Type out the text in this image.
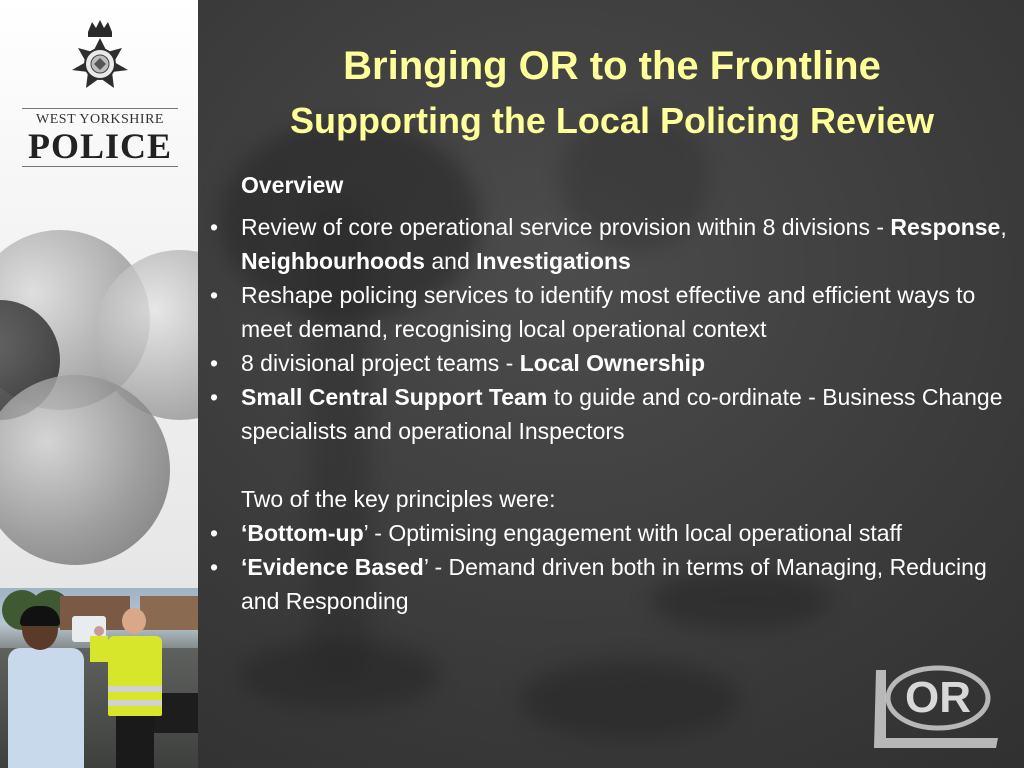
WEST YORKSHIRE
POLICE
Bringing OR to the Frontline
Supporting the Local Policing Review
Overview
• Review of core operational service provision within 8 divisions - Response, Neighbourhoods and Investigations
• Reshape policing services to identify most effective and efficient ways to meet demand, recognising local operational context
• 8 divisional project teams - Local Ownership
• Small Central Support Team to guide and co-ordinate - Business Change specialists and operational Inspectors
Two of the key principles were:
• ‘Bottom-up’ - Optimising engagement with local operational staff
• ‘Evidence Based’ - Demand driven both in terms of Managing, Reducing and Responding
OR
